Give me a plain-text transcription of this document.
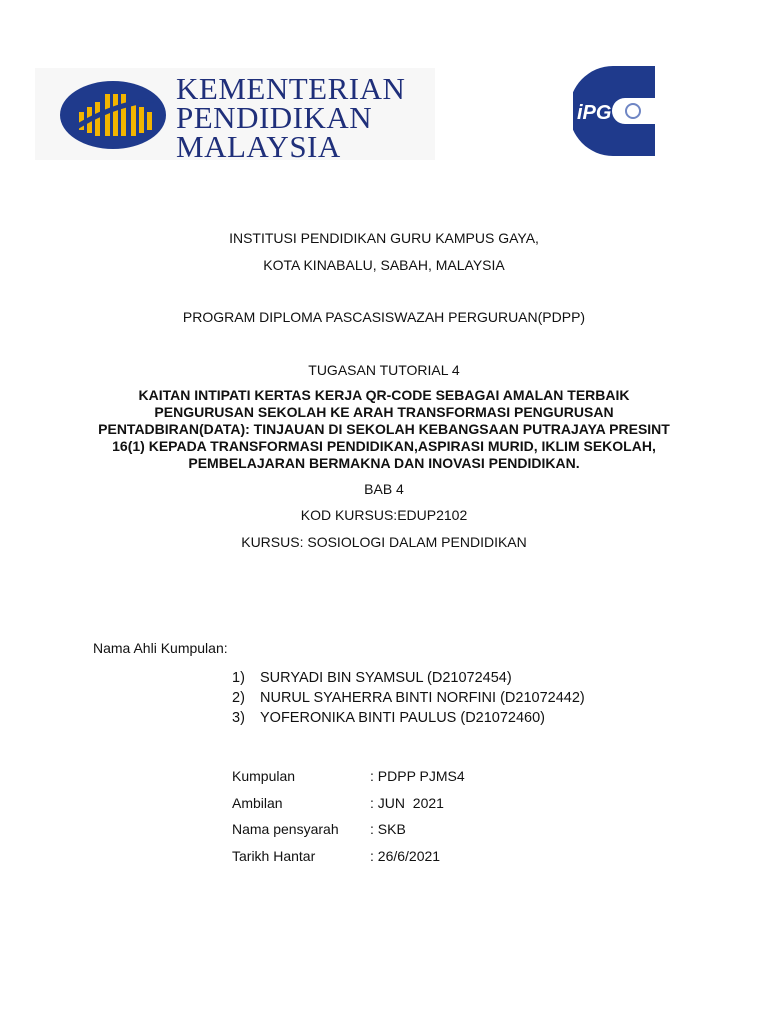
KEMENTERIAN
PENDIDIKAN
MALAYSIA
iPG
INSTITUSI PENDIDIKAN GURU KAMPUS GAYA,
KOTA KINABALU, SABAH, MALAYSIA
PROGRAM DIPLOMA PASCASISWAZAH PERGURUAN(PDPP)
TUGASAN TUTORIAL 4
KAITAN INTIPATI KERTAS KERJA QR-CODE SEBAGAI AMALAN TERBAIK PENGURUSAN SEKOLAH KE ARAH TRANSFORMASI PENGURUSAN PENTADBIRAN(DATA): TINJAUAN DI SEKOLAH KEBANGSAAN PUTRAJAYA PRESINT 16(1) KEPADA TRANSFORMASI PENDIDIKAN,ASPIRASI MURID, IKLIM SEKOLAH, PEMBELAJARAN BERMAKNA DAN INOVASI PENDIDIKAN.
BAB 4
KOD KURSUS:EDUP2102
KURSUS: SOSIOLOGI DALAM PENDIDIKAN
Nama Ahli Kumpulan:
1) SURYADI BIN SYAMSUL (D21072454)
2) NURUL SYAHERRA BINTI NORFINI (D21072442)
3) YOFERONIKA BINTI PAULUS (D21072460)
Kumpulan	: PDPP PJMS4
Ambilan	: JUN  2021
Nama pensyarah : SKB
Tarikh Hantar	: 26/6/2021
